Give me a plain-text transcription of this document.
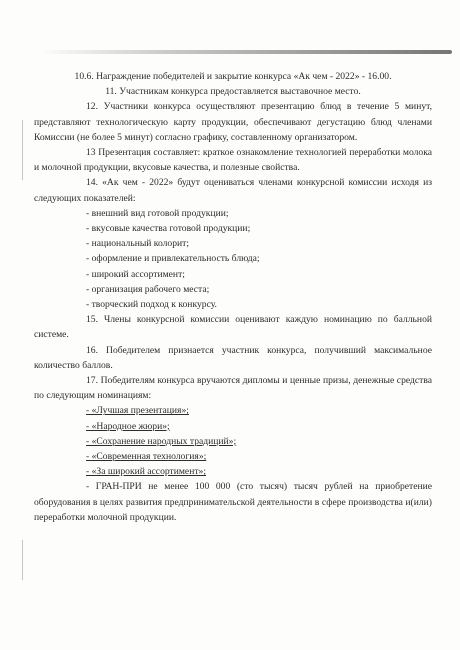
10.6. Награждение победителей и закрытие конкурса «Ак чем - 2022» - 16.00.

11. Участникам конкурса предоставляется выставочное место.

12. Участники конкурса осуществляют презентацию блюд в течение 5 минут, представляют технологическую карту продукции, обеспечивают дегустацию блюд членами Комиссии (не более 5 минут) согласно графику, составленному организатором.

13 Презентация составляет: краткое ознакомление технологией переработки молока и молочной продукции, вкусовые качества, и полезные свойства.

14. «Ак чем - 2022» будут оцениваться членами конкурсной комиссии исходя из следующих показателей:

- внешний вид готовой продукции;

- вкусовые качества готовой продукции;

- национальный колорит;

- оформление и привлекательность блюда;

- широкий ассортимент;

- организация рабочего места;

- творческий подход к конкурсу.

15. Члены конкурсной комиссии оценивают каждую номинацию по балльной системе.

16. Победителем признается участник конкурса, получивший максимальное количество баллов.

17. Победителям конкурса вручаются дипломы и ценные призы, денежные средства по следующим номинациям:

- «Лучшая презентация»;

- «Народное жюри»;

- «Сохранение народных традиций»;

- «Современная технология»;

- «За широкий ассортимент»;

- ГРАН-ПРИ не менее 100 000 (сто тысяч) тысяч рублей на приобретение оборудования в целях развития предпринимательской деятельности в сфере производства и(или) переработки молочной продукции.
